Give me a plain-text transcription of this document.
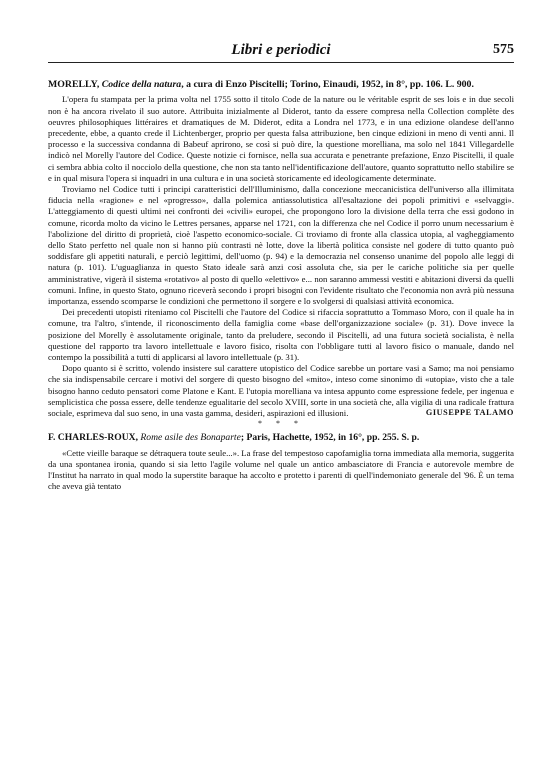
Libri e periodici	575

MORELLY, Codice della natura, a cura di Enzo Piscitelli; Torino, Einaudi, 1952, in 8°, pp. 106. L. 900.

L'opera fu stampata per la prima volta nel 1755 sotto il titolo Code de la nature ou le véritable esprit de ses lois e in due secoli non è ha ancora rivelato il suo autore. Attribuita inizialmente al Diderot, tanto da essere compresa nella Collection complète des oeuvres philosophiques littéraires et dramatiques de M. Diderot, edita a Londra nel 1773, e in una edizione olandese dell'anno precedente, ebbe, a quanto crede il Lichtenberger, proprio per questa falsa attribuzione, ben cinque edizioni in meno di venti anni. Il processo e la successiva condanna di Babeuf aprirono, se così si può dire, la questione morelliana, ma solo nel 1841 Villegardelle indicò nel Morelly l'autore del Codice. Queste notizie ci fornisce, nella sua accurata e penetrante prefazione, Enzo Piscitelli, il quale ci sembra abbia colto il nocciolo della questione, che non sta tanto nell'identificazione dell'autore, quanto soprattutto nello stabilire se e in qual misura l'opera si inquadri in una cultura e in una società storicamente ed ideologicamente determinate.

Troviamo nel Codice tutti i principi caratteristici dell'Illuminismo, dalla concezione meccanicistica dell'universo alla illimitata fiducia nella «ragione» e nel «progresso», dalla polemica antiassolutistica all'esaltazione dei popoli primitivi e «selvaggi». L'atteggiamento di questi ultimi nei confronti dei «civili» europei, che propongono loro la divisione della terra che essi godono in comune, ricorda molto da vicino le Lettres persanes, apparse nel 1721, con la differenza che nel Codice il porro unum necessarium è l'abolizione del diritto di proprietà, cioè l'aspetto economico-sociale. Ci troviamo di fronte alla classica utopia, al vagheggiamento dello Stato perfetto nel quale non si hanno più contrasti nè lotte, dove la libertà politica consiste nel godere di tutto quanto può soddisfare gli appetiti naturali, e perciò legittimi, dell'uomo (p. 94) e la democrazia nel consenso unanime del popolo alle leggi di natura (p. 101). L'uguaglianza in questo Stato ideale sarà anzi così assoluta che, sia per le cariche politiche sia per quelle amministrative, vigerà il sistema «rotativo» al posto di quello «elettivo» e... non saranno ammessi vestiti e abitazioni diversi da quelli comuni. Infine, in questo Stato, ognuno riceverà secondo i propri bisogni con l'evidente risultato che l'economia non avrà più nessuna importanza, essendo scomparse le condizioni che permettono il sorgere e lo svolgersi di qualsiasi attività economica.

Dei precedenti utopisti riteniamo col Piscitelli che l'autore del Codice si rifaccia soprattutto a Tommaso Moro, con il quale ha in comune, tra l'altro, s'intende, il riconoscimento della famiglia come «base dell'organizzazione sociale» (p. 31). Dove invece la posizione del Morelly è assolutamente originale, tanto da preludere, secondo il Piscitelli, ad una futura società socialista, è nella questione del rapporto tra lavoro intellettuale e lavoro fisico, risolta con l'obbligare tutti al lavoro fisico o manuale, dando nel contempo la possibilità a tutti di applicarsi al lavoro intellettuale (p. 31).

Dopo quanto si è scritto, volendo insistere sul carattere utopistico del Codice sarebbe un portare vasi a Samo; ma noi pensiamo che sia indispensabile cercare i motivi del sorgere di questo bisogno del «mito», inteso come sinonimo di «utopia», visto che a tale bisogno hanno ceduto pensatori come Platone e Kant. E l'utopia morelliana va intesa appunto come espressione fedele, per ingenua e semplicistica che possa essere, delle tendenze egualitarie del secolo XVIII, sorte in una società che, alla vigilia di una radicale frattura sociale, esprimeva dal suo seno, in una vasta gamma, desideri, aspirazioni ed illusioni.	GIUSEPPE TALAMO
* * *

F. CHARLES-ROUX, Rome asile des Bonaparte; Paris, Hachette, 1952, in 16°, pp. 255. S. p.

«Cette vieille baraque se détraquera toute seule...». La frase del tempestoso capofamiglia torna immediata alla memoria, suggerita da una spontanea ironia, quando si sia letto l'agile volume nel quale un antico ambasciatore di Francia e autorevole membre de l'Institut ha narrato in qual modo la superstite baraque ha accolto e protetto i parenti di quell'indemoniato generale del '96. È un tema che aveva già tentato
